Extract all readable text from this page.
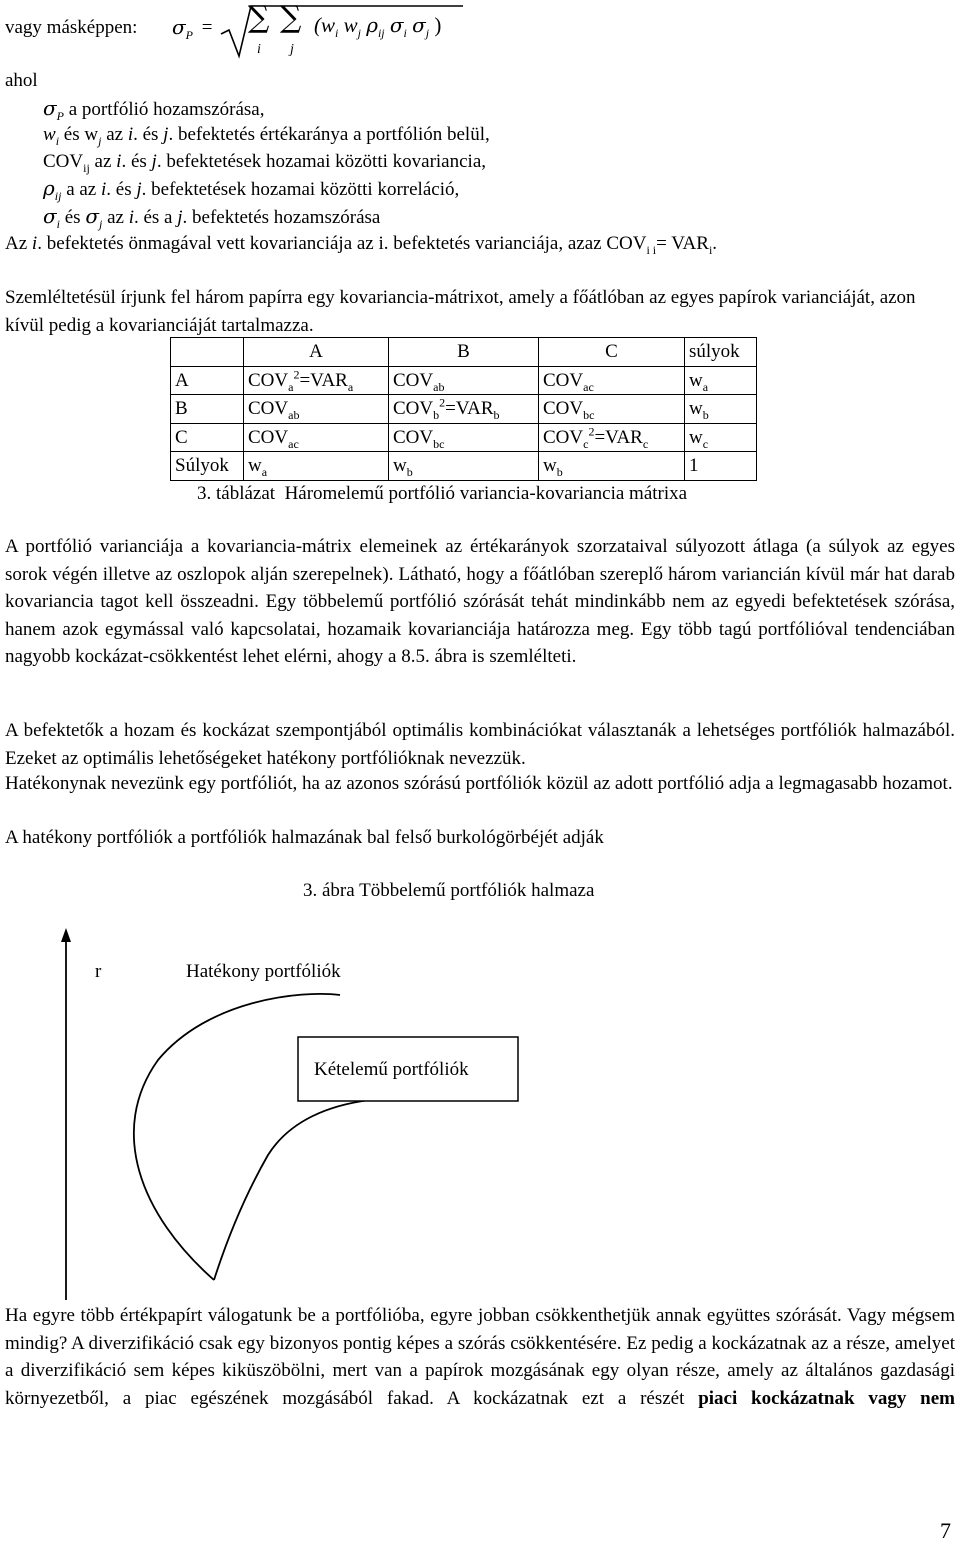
vagy másképpen: $\sigma_P$ = ∑ ∑
i j
($w_i$ $w_j$ $\rho_{ij}$ $\sigma_i$ $\sigma_j$ )
ahol
$\sigma_P$ a portfólió hozamszórása,
$w_i$ és $w_j$ az i. és j. befektetés értékaránya a portfólión belül,
$COV_{ij}$ az i. és j. befektetések hozamai közötti kovariancia,
$\rho_{ij}$ a az i. és j. befektetések hozamai közötti korreláció,
$\sigma_i$ és $\sigma_j$ az i. és a j. befektetés hozamszórása
Az i. befektetés önmagával vett kovarianciája az i. befektetés varianciája, azaz $COV_{i i}= VAR_i$.
Szemléltetésül írjunk fel három papírra egy kovariancia-mátrixot, amely a főátlóban az egyes papírok varianciáját, azon kívül pedig a kovarianciáját tartalmazza.
	A	B	C	súlyok
A	$COV_a^2=VAR_a$	$COV_{ab}$	$COV_{ac}$	$w_a$
B	$COV_{ab}$	$COV_b^2=VAR_b$	$COV_{bc}$	$w_b$
C	$COV_{ac}$	$COV_{bc}$	$COV_c^2=VAR_c$	$w_c$
Súlyok	$w_a$	$w_b$	$w_b$	1
3. táblázat  Háromelemű portfólió variancia-kovariancia mátrixa
A portfólió varianciája a kovariancia-mátrix elemeinek az értékarányok szorzataival súlyozott átlaga (a súlyok az egyes sorok végén illetve az oszlopok alján szerepelnek). Látható, hogy a főátlóban szereplő három variancián kívül már hat darab kovariancia tagot kell összeadni. Egy többelemű portfólió szórását tehát mindinkább nem az egyedi befektetések szórása, hanem azok egymással való kapcsolatai, hozamaik kovarianciája határozza meg. Egy több tagú portfólióval tendenciában nagyobb kockázat-csökkentést lehet elérni, ahogy a 8.5. ábra is szemlélteti.
A befektetők a hozam és kockázat szempontjából optimális kombinációkat választanák a lehetséges portfóliók halmazából. Ezeket az optimális lehetőségeket hatékony portfólióknak nevezzük.
Hatékonynak nevezünk egy portfóliót, ha az azonos szórású portfóliók közül az adott portfólió adja a legmagasabb hozamot.
A hatékony portfóliók a portfóliók halmazának bal felső burkológörbéjét adják
3. ábra Többelemű portfóliók halmaza
r	Hatékony portfóliók
Kételemű portfóliók
Ha egyre több értékpapírt válogatunk be a portfólióba, egyre jobban csökkenthetjük annak együttes szórását. Vagy mégsem mindig? A diverzifikáció csak egy bizonyos pontig képes a szórás csökkentésére. Ez pedig a kockázatnak az a része, amelyet a diverzifikáció sem képes kiküszöbölni, mert van a papírok mozgásának egy olyan része, amely az általános gazdasági környezetből, a piac egészének mozgásából fakad. A kockázatnak ezt a részét piaci kockázatnak vagy nem
7
